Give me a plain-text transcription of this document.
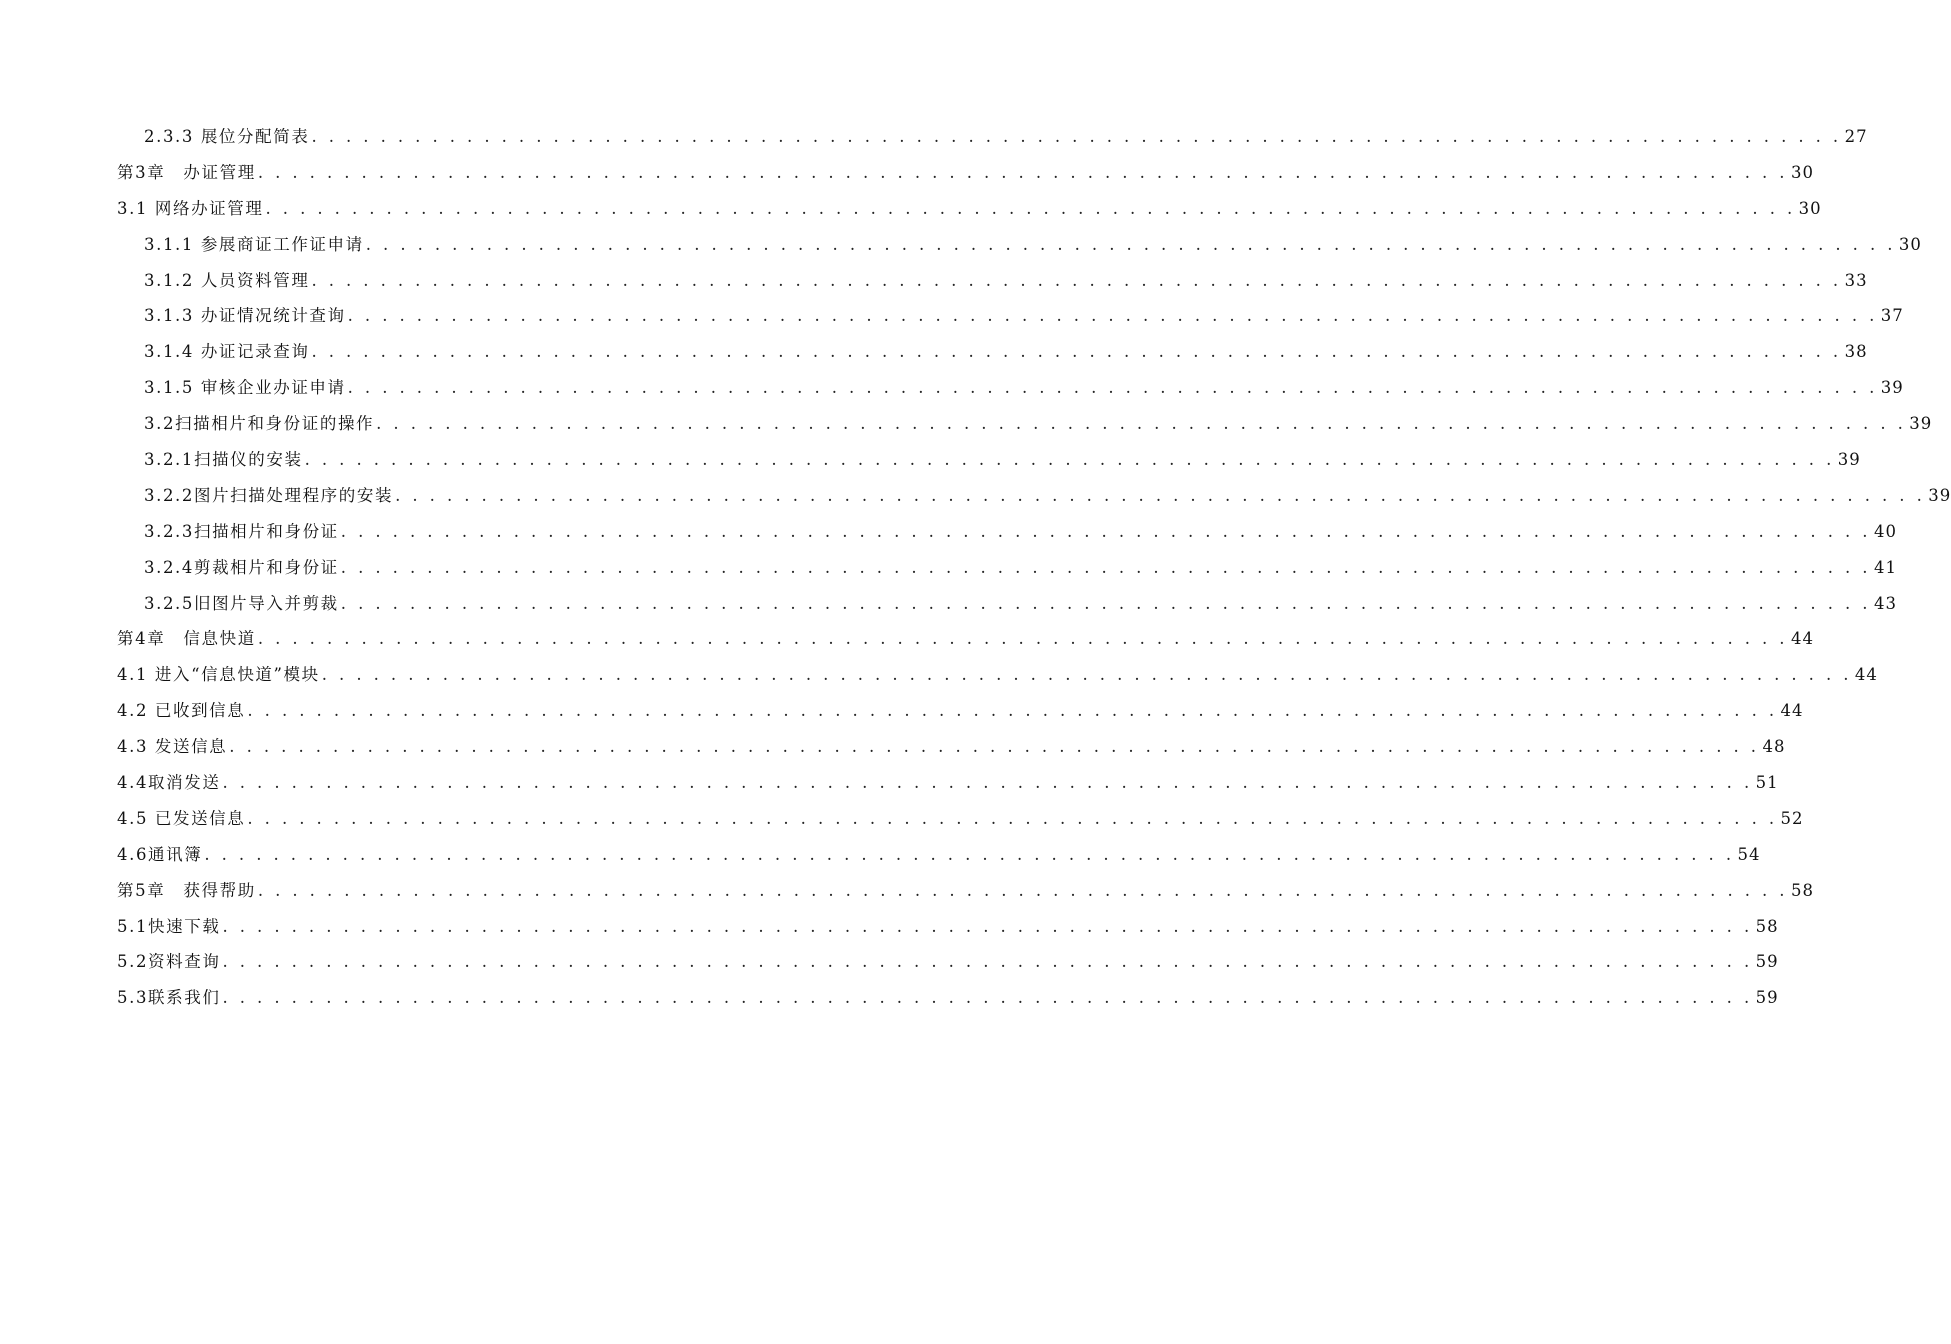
2.3.3 展位分配简表 . . . . . . . . . . . . . . . . . . . . . . . . . . . . . . . . . . . . . . . . . . . . . . . . . . . . . . . . . . . . . . . . . . . . . . . . . . . . . . . . . . . . . . . . . 27
第3章　办证管理 . . . . . . . . . . . . . . . . . . . . . . . . . . . . . . . . . . . . . . . . . . . . . . . . . . . . . . . . . . . . . . . . . . . . . . . . . . . . . . . . . . . . . . . . . 30
3.1 网络办证管理 . . . . . . . . . . . . . . . . . . . . . . . . . . . . . . . . . . . . . . . . . . . . . . . . . . . . . . . . . . . . . . . . . . . . . . . . . . . . . . . . . . . . . . . . . 30
3.1.1 参展商证工作证申请 . . . . . . . . . . . . . . . . . . . . . . . . . . . . . . . . . . . . . . . . . . . . . . . . . . . . . . . . . . . . . . . . . . . . . . . . . . . . . . . . . . . . . . . . . 30
3.1.2 人员资料管理 . . . . . . . . . . . . . . . . . . . . . . . . . . . . . . . . . . . . . . . . . . . . . . . . . . . . . . . . . . . . . . . . . . . . . . . . . . . . . . . . . . . . . . . . . 33
3.1.3 办证情况统计查询 . . . . . . . . . . . . . . . . . . . . . . . . . . . . . . . . . . . . . . . . . . . . . . . . . . . . . . . . . . . . . . . . . . . . . . . . . . . . . . . . . . . . . . . . . 37
3.1.4 办证记录查询 . . . . . . . . . . . . . . . . . . . . . . . . . . . . . . . . . . . . . . . . . . . . . . . . . . . . . . . . . . . . . . . . . . . . . . . . . . . . . . . . . . . . . . . . . 38
3.1.5 审核企业办证申请 . . . . . . . . . . . . . . . . . . . . . . . . . . . . . . . . . . . . . . . . . . . . . . . . . . . . . . . . . . . . . . . . . . . . . . . . . . . . . . . . . . . . . . . . . 39
3.2扫描相片和身份证的操作 . . . . . . . . . . . . . . . . . . . . . . . . . . . . . . . . . . . . . . . . . . . . . . . . . . . . . . . . . . . . . . . . . . . . . . . . . . . . . . . . . . . . . . . . . 39
3.2.1扫描仪的安装 . . . . . . . . . . . . . . . . . . . . . . . . . . . . . . . . . . . . . . . . . . . . . . . . . . . . . . . . . . . . . . . . . . . . . . . . . . . . . . . . . . . . . . . . . 39
3.2.2图片扫描处理程序的安装 . . . . . . . . . . . . . . . . . . . . . . . . . . . . . . . . . . . . . . . . . . . . . . . . . . . . . . . . . . . . . . . . . . . . . . . . . . . . . . . . . . . . . . . . . 39
3.2.3扫描相片和身份证 . . . . . . . . . . . . . . . . . . . . . . . . . . . . . . . . . . . . . . . . . . . . . . . . . . . . . . . . . . . . . . . . . . . . . . . . . . . . . . . . . . . . . . . . . 40
3.2.4剪裁相片和身份证 . . . . . . . . . . . . . . . . . . . . . . . . . . . . . . . . . . . . . . . . . . . . . . . . . . . . . . . . . . . . . . . . . . . . . . . . . . . . . . . . . . . . . . . . . 41
3.2.5旧图片导入并剪裁 . . . . . . . . . . . . . . . . . . . . . . . . . . . . . . . . . . . . . . . . . . . . . . . . . . . . . . . . . . . . . . . . . . . . . . . . . . . . . . . . . . . . . . . . . 43
第4章　信息快道 . . . . . . . . . . . . . . . . . . . . . . . . . . . . . . . . . . . . . . . . . . . . . . . . . . . . . . . . . . . . . . . . . . . . . . . . . . . . . . . . . . . . . . . . . 44
4.1 进入“信息快道”模块 . . . . . . . . . . . . . . . . . . . . . . . . . . . . . . . . . . . . . . . . . . . . . . . . . . . . . . . . . . . . . . . . . . . . . . . . . . . . . . . . . . . . . . . . . 44
4.2 已收到信息 . . . . . . . . . . . . . . . . . . . . . . . . . . . . . . . . . . . . . . . . . . . . . . . . . . . . . . . . . . . . . . . . . . . . . . . . . . . . . . . . . . . . . . . . . 44
4.3 发送信息 . . . . . . . . . . . . . . . . . . . . . . . . . . . . . . . . . . . . . . . . . . . . . . . . . . . . . . . . . . . . . . . . . . . . . . . . . . . . . . . . . . . . . . . . . 48
4.4取消发送 . . . . . . . . . . . . . . . . . . . . . . . . . . . . . . . . . . . . . . . . . . . . . . . . . . . . . . . . . . . . . . . . . . . . . . . . . . . . . . . . . . . . . . . . . 51
4.5 已发送信息 . . . . . . . . . . . . . . . . . . . . . . . . . . . . . . . . . . . . . . . . . . . . . . . . . . . . . . . . . . . . . . . . . . . . . . . . . . . . . . . . . . . . . . . . . 52
4.6通讯簿 . . . . . . . . . . . . . . . . . . . . . . . . . . . . . . . . . . . . . . . . . . . . . . . . . . . . . . . . . . . . . . . . . . . . . . . . . . . . . . . . . . . . . . . . . 54
第5章　获得帮助 . . . . . . . . . . . . . . . . . . . . . . . . . . . . . . . . . . . . . . . . . . . . . . . . . . . . . . . . . . . . . . . . . . . . . . . . . . . . . . . . . . . . . . . . . 58
5.1快速下载 . . . . . . . . . . . . . . . . . . . . . . . . . . . . . . . . . . . . . . . . . . . . . . . . . . . . . . . . . . . . . . . . . . . . . . . . . . . . . . . . . . . . . . . . . 58
5.2资料查询 . . . . . . . . . . . . . . . . . . . . . . . . . . . . . . . . . . . . . . . . . . . . . . . . . . . . . . . . . . . . . . . . . . . . . . . . . . . . . . . . . . . . . . . . . 59
5.3联系我们 . . . . . . . . . . . . . . . . . . . . . . . . . . . . . . . . . . . . . . . . . . . . . . . . . . . . . . . . . . . . . . . . . . . . . . . . . . . . . . . . . . . . . . . . . 59
